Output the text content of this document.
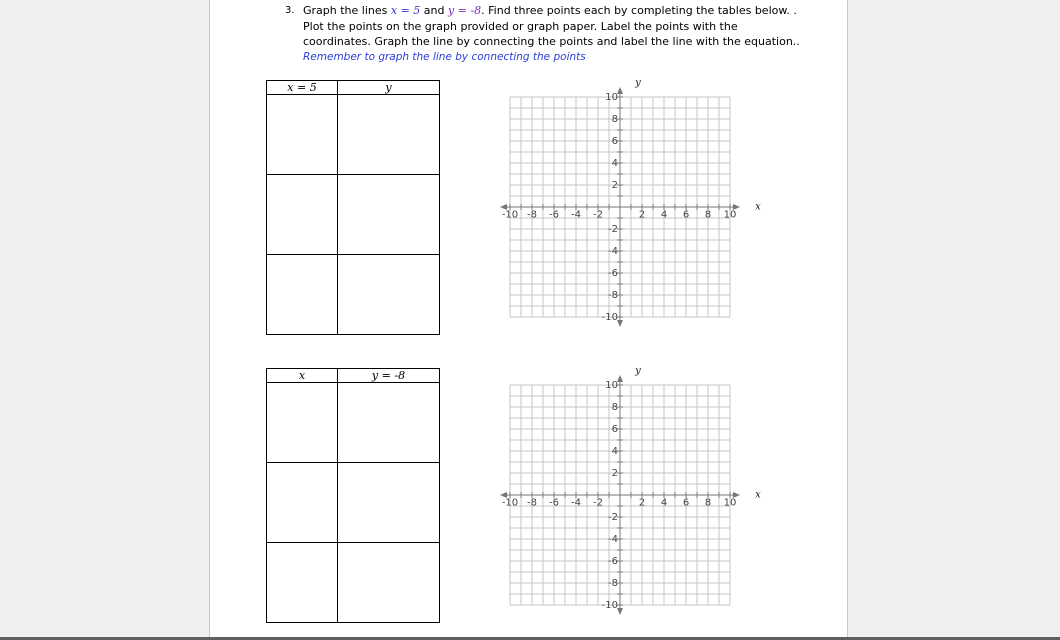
3. Graph the lines x = 5 and y = -8. Find three points each by completing the tables below. .

Plot the points on the graph provided or graph paper. Label the points with the

coordinates. Graph the line by connecting the points and label the line with the equation..

Remember to graph the line by connecting the points

x = 5	y

x	y = -8

-10 -8 -6 -4 -2	2 4 6 8 10
10
8
6
4
2
-2
-4
-6
-8
-10
x
y
-10 -8 -6 -4 -2	2 4 6 8 10
10
8
6
4
2
-2
-4
-6
-8
-10
x
y
